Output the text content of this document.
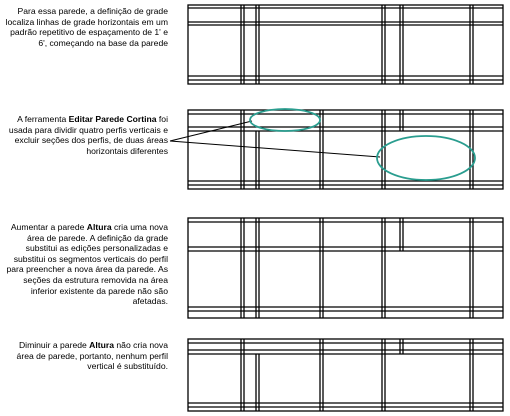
Para essa parede, a definição de grade localiza linhas de grade horizontais em um padrão repetitivo de espaçamento de 1' e 6', começando na base da parede
A ferramenta Editar Parede Cortina foi usada para dividir quatro perfis verticais e excluir seções dos perfis, de duas áreas horizontais diferentes
Aumentar a parede Altura cria uma nova área de parede. A definição da grade substitui as edições personalizadas e substitui os segmentos verticais do perfil para preencher a nova área da parede. As seções da estrutura removida na área inferior existente da parede não são afetadas.
Diminuir a parede Altura não cria nova área de parede, portanto, nenhum perfil vertical é substituído.
